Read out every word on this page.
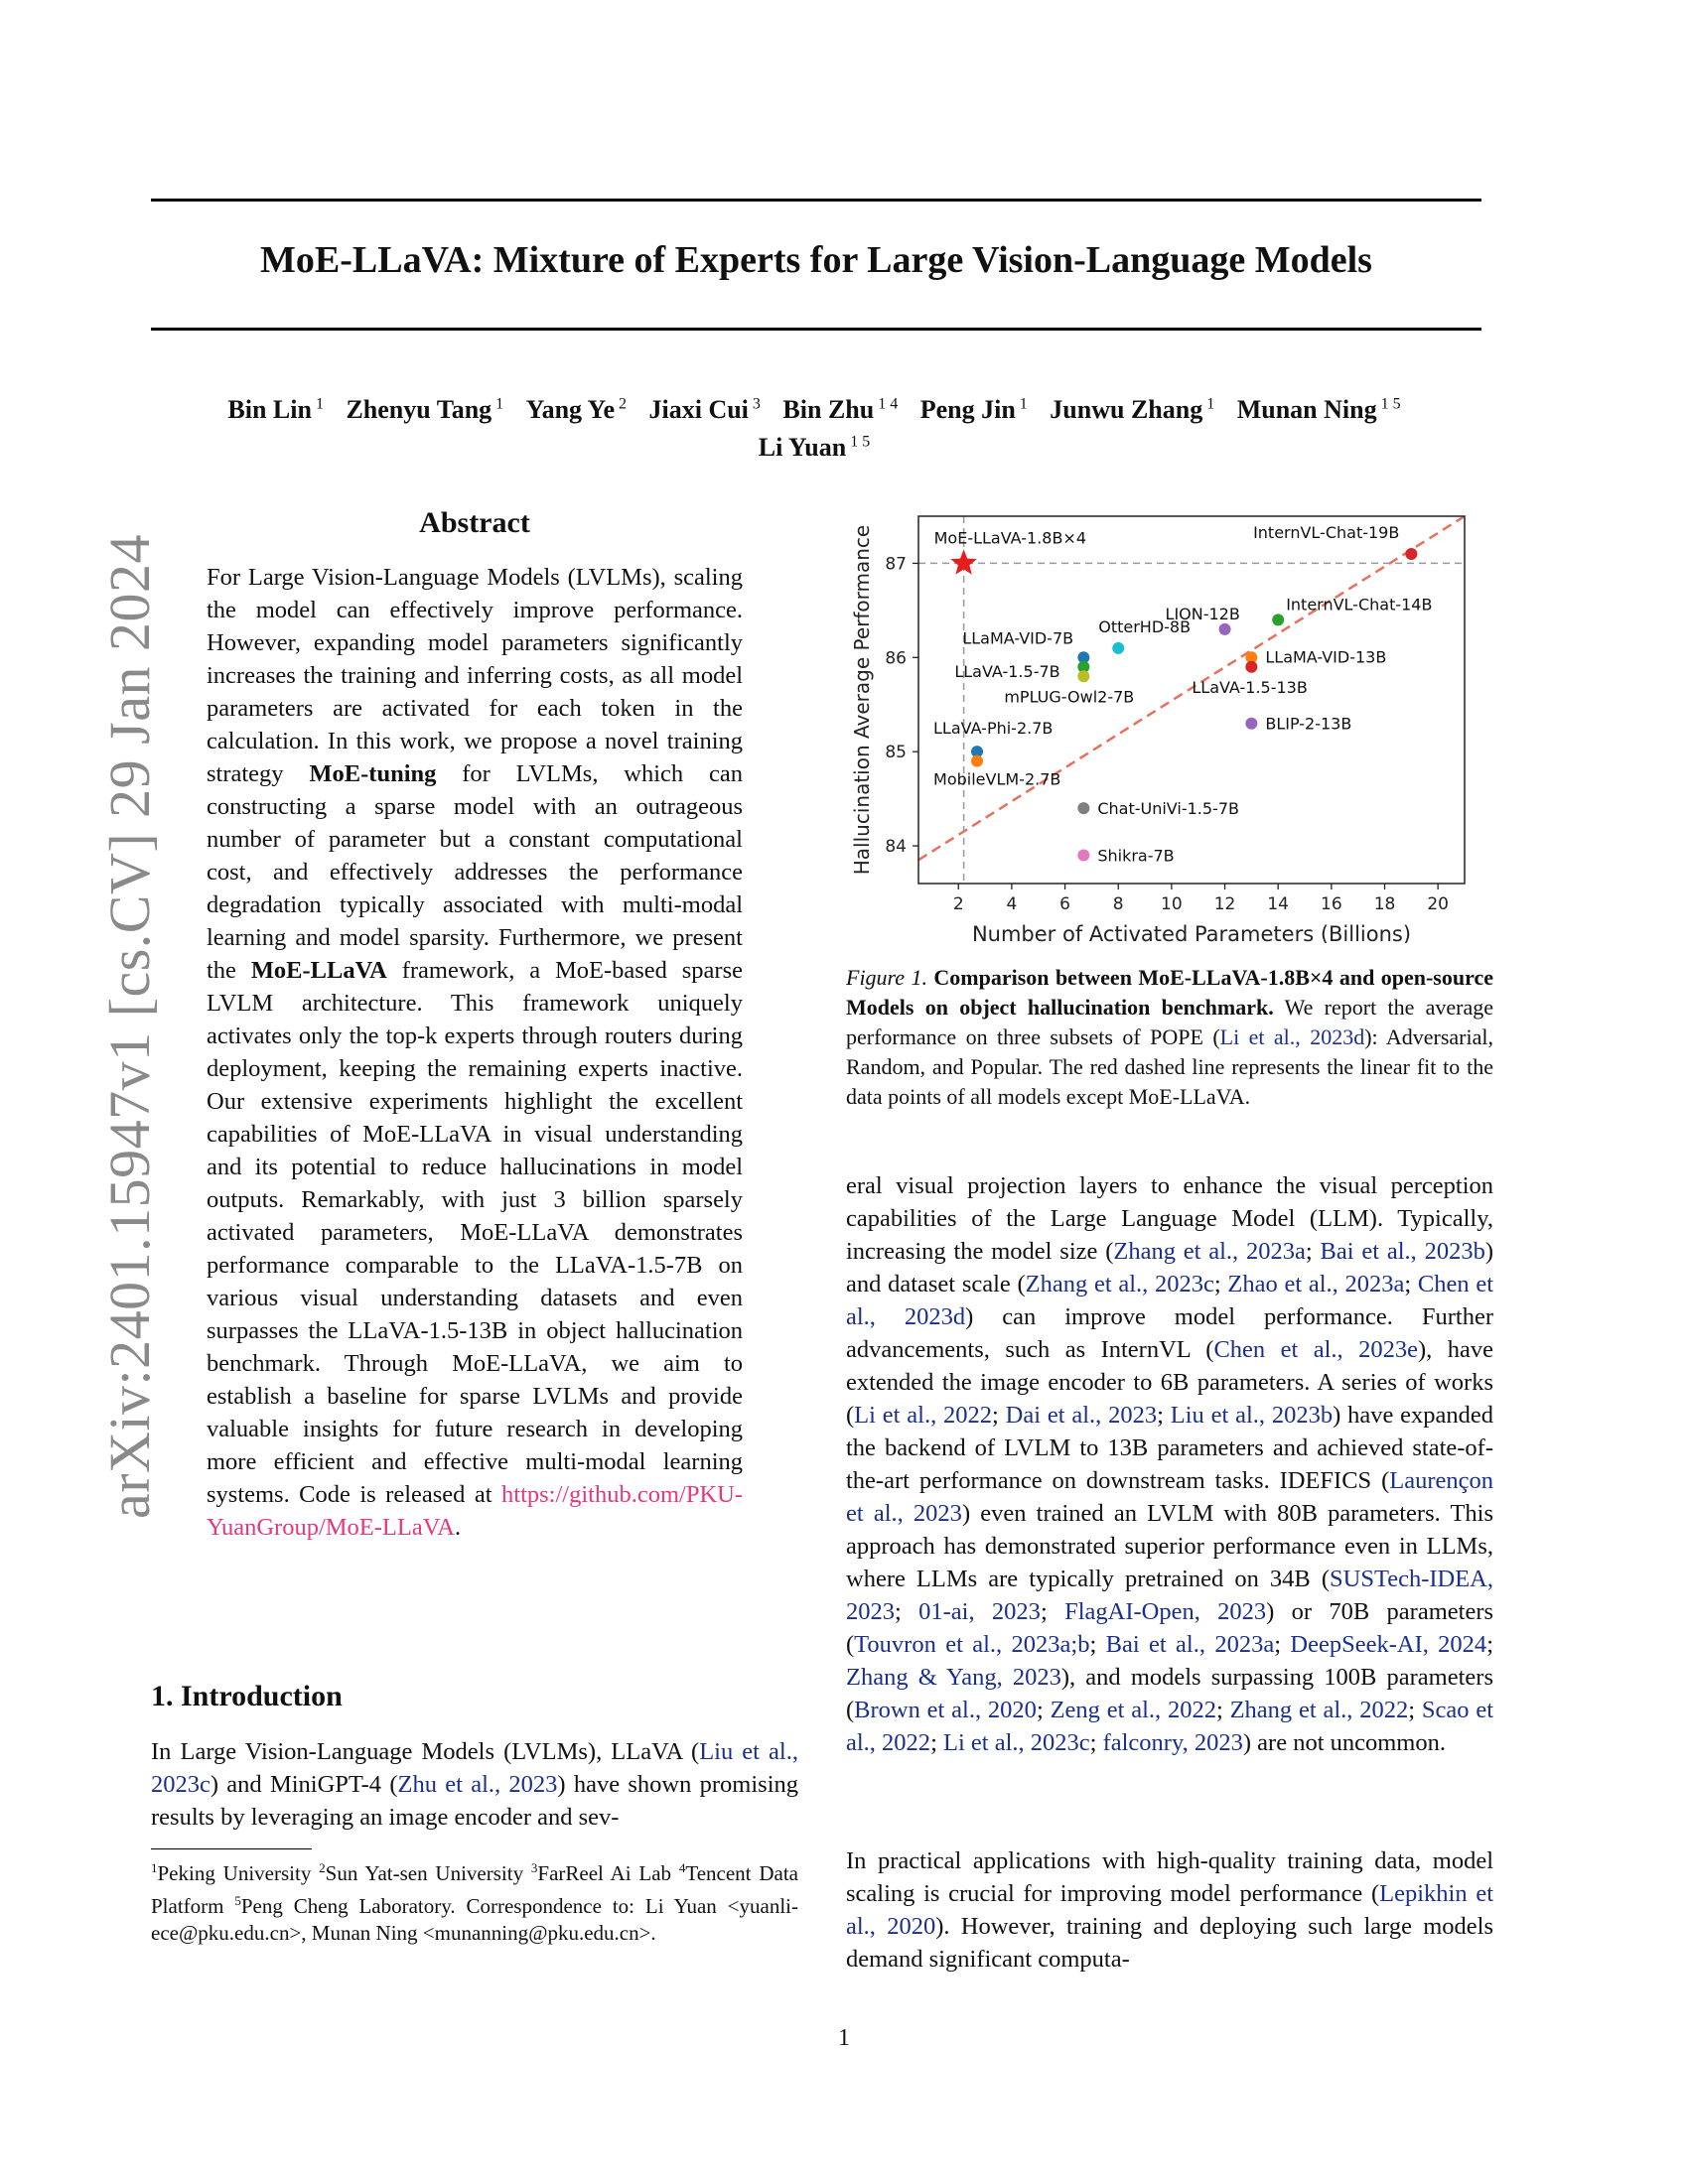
MoE-LLaVA: Mixture of Experts for Large Vision-Language Models
Bin Lin $^1$ Zhenyu Tang $^1$ Yang Ye $^2$ Jiaxi Cui $^3$ Bin Zhu $^{1 4}$ Peng Jin $^1$ Junwu Zhang $^1$ Munan Ning $^{1 5}$
Li Yuan $^{1 5}$
arXiv:2401.15947v1 [cs.CV] 29 Jan 2024
Abstract
For Large Vision-Language Models (LVLMs), scaling the model can effectively improve performance. However, expanding model parameters significantly increases the training and inferring costs, as all model parameters are activated for each token in the calculation. In this work, we propose a novel training strategy MoE-tuning for LVLMs, which can constructing a sparse model with an outrageous number of parameter but a constant computational cost, and effectively addresses the performance degradation typically associated with multi-modal learning and model sparsity. Furthermore, we present the MoE-LLaVA framework, a MoE-based sparse LVLM architecture. This framework uniquely activates only the top-k experts through routers during deployment, keeping the remaining experts inactive. Our extensive experiments highlight the excellent capabilities of MoE-LLaVA in visual understanding and its potential to reduce hallucinations in model outputs. Remarkably, with just 3 billion sparsely activated parameters, MoE-LLaVA demonstrates performance comparable to the LLaVA-1.5-7B on various visual understanding datasets and even surpasses the LLaVA-1.5-13B in object hallucination benchmark. Through MoE-LLaVA, we aim to establish a baseline for sparse LVLMs and provide valuable insights for future research in developing more efficient and effective multi-modal learning systems. Code is released at https://github.com/PKU-YuanGroup/MoE-LLaVA.
1. Introduction
In Large Vision-Language Models (LVLMs), LLaVA (Liu et al., 2023c) and MiniGPT-4 (Zhu et al., 2023) have shown promising results by leveraging an image encoder and sev-
$^1$Peking University $^2$Sun Yat-sen University $^3$FarReel Ai Lab $^4$Tencent Data Platform $^5$Peng Cheng Laboratory. Correspondence to: Li Yuan <yuanli-ece@pku.edu.cn>, Munan Ning <munanning@pku.edu.cn>.
2	4	6	8 10 12 14 16 18 20
84
85
86
87
Number of Activated Parameters (Billions)
Hallucination Average Performance	MoE-LLaVA-1.8B×4	InternVL-Chat-19B
InternVL-Chat-14B
LION-12B
OtterHD-8B
LLaMA-VID-13B
LLaVA-1.5-13B
BLIP-2-13B
LLaMA-VID-7B
LLaVA-1.5-7B
mPLUG-Owl2-7B
LLaVA-Phi-2.7B
MobileVLM-2.7B
Chat-UniVi-1.5-7B
Shikra-7B
Figure 1. Comparison between MoE-LLaVA-1.8B×4 and open-source Models on object hallucination benchmark. We report the average performance on three subsets of POPE (Li et al., 2023d): Adversarial, Random, and Popular. The red dashed line represents the linear fit to the data points of all models except MoE-LLaVA.
eral visual projection layers to enhance the visual perception capabilities of the Large Language Model (LLM). Typically, increasing the model size (Zhang et al., 2023a; Bai et al., 2023b) and dataset scale (Zhang et al., 2023c; Zhao et al., 2023a; Chen et al., 2023d) can improve model performance. Further advancements, such as InternVL (Chen et al., 2023e), have extended the image encoder to 6B parameters. A series of works (Li et al., 2022; Dai et al., 2023; Liu et al., 2023b) have expanded the backend of LVLM to 13B parameters and achieved state-of-the-art performance on downstream tasks. IDEFICS (Laurençon et al., 2023) even trained an LVLM with 80B parameters. This approach has demonstrated superior performance even in LLMs, where LLMs are typically pretrained on 34B (SUSTech-IDEA, 2023; 01-ai, 2023; FlagAI-Open, 2023) or 70B parameters (Touvron et al., 2023a;b; Bai et al., 2023a; DeepSeek-AI, 2024; Zhang & Yang, 2023), and models surpassing 100B parameters (Brown et al., 2020; Zeng et al., 2022; Zhang et al., 2022; Scao et al., 2022; Li et al., 2023c; falconry, 2023) are not uncommon.
In practical applications with high-quality training data, model scaling is crucial for improving model performance (Lepikhin et al., 2020). However, training and deploying such large models demand significant computa-
1
